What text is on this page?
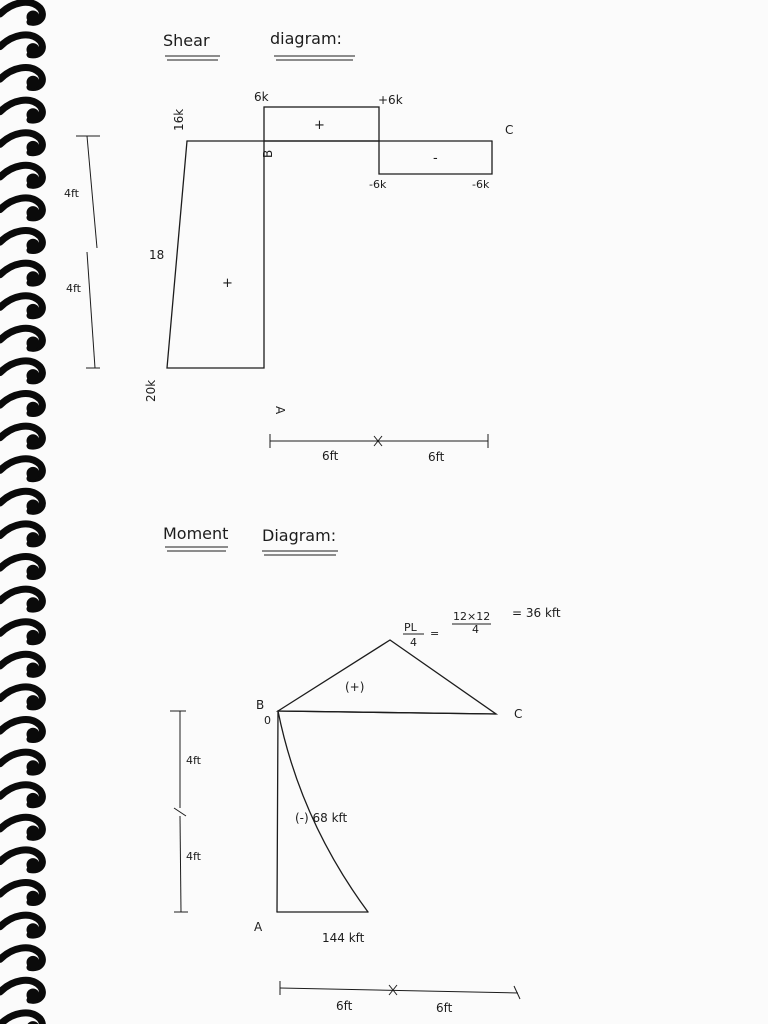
Shear	diagram:
16k
6k	+6k
C
B
+
-
-6k	-6k
18
+
20k
A
4ft
4ft
6ft	6ft
Moment Diagram:
PL
4
=
12×12
4
= 36 kft
(+)
B
0	C
(-) 68 kft
A
144 kft
4ft
4ft
6ft	6ft
